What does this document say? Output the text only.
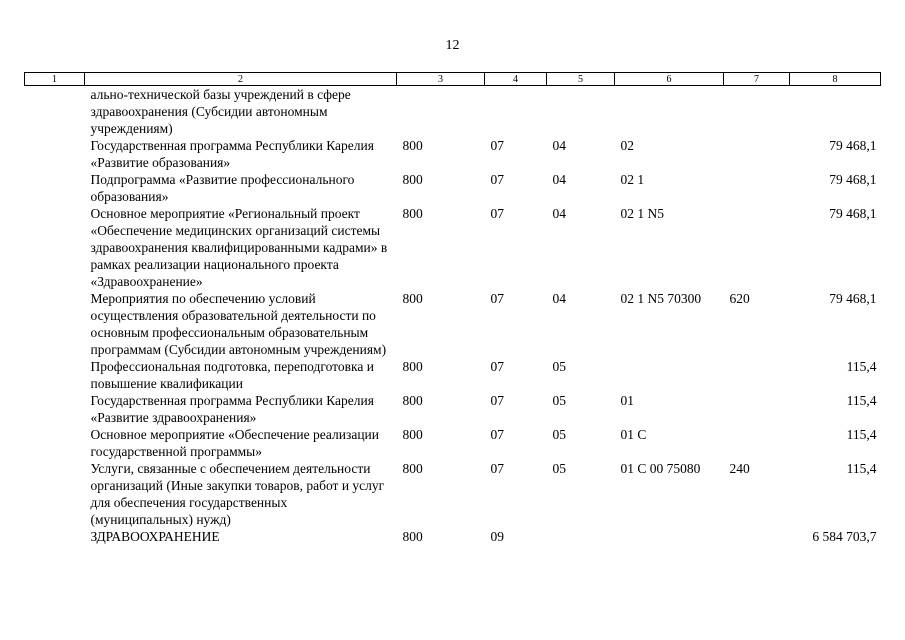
12
1	2	3	4	5	6	7	8
	ально-технической базы учреждений в сфере здравоохранения (Субсидии автономным учреждениям)						
	Государственная программа Республики Карелия «Развитие образования»	800	07	04	02		79 468,1
	Подпрограмма «Развитие профессионального образования»	800	07	04	02 1		79 468,1
	Основное мероприятие «Региональный проект «Обеспечение медицинских организаций системы здравоохранения квалифицированными кадрами» в рамках реализации национального проекта «Здравоохранение»	800	07	04	02 1 N5		79 468,1
	Мероприятия по обеспечению условий осуществления образовательной деятельности по основным профессиональным образовательным программам (Субсидии автономным учреждениям)	800	07	04	02 1 N5 70300	620	79 468,1
	Профессиональная подготовка, переподготовка и повышение квалификации	800	07	05			115,4
	Государственная программа Республики Карелия «Развитие здравоохранения»	800	07	05	01		115,4
	Основное мероприятие «Обеспечение реализации государственной программы»	800	07	05	01 С		115,4
	Услуги, связанные с обеспечением деятельности организаций (Иные закупки товаров, работ и услуг для обеспечения государственных (муниципальных) нужд)	800	07	05	01 С 00 75080	240	115,4
	ЗДРАВООХРАНЕНИЕ	800	09				6 584 703,7
